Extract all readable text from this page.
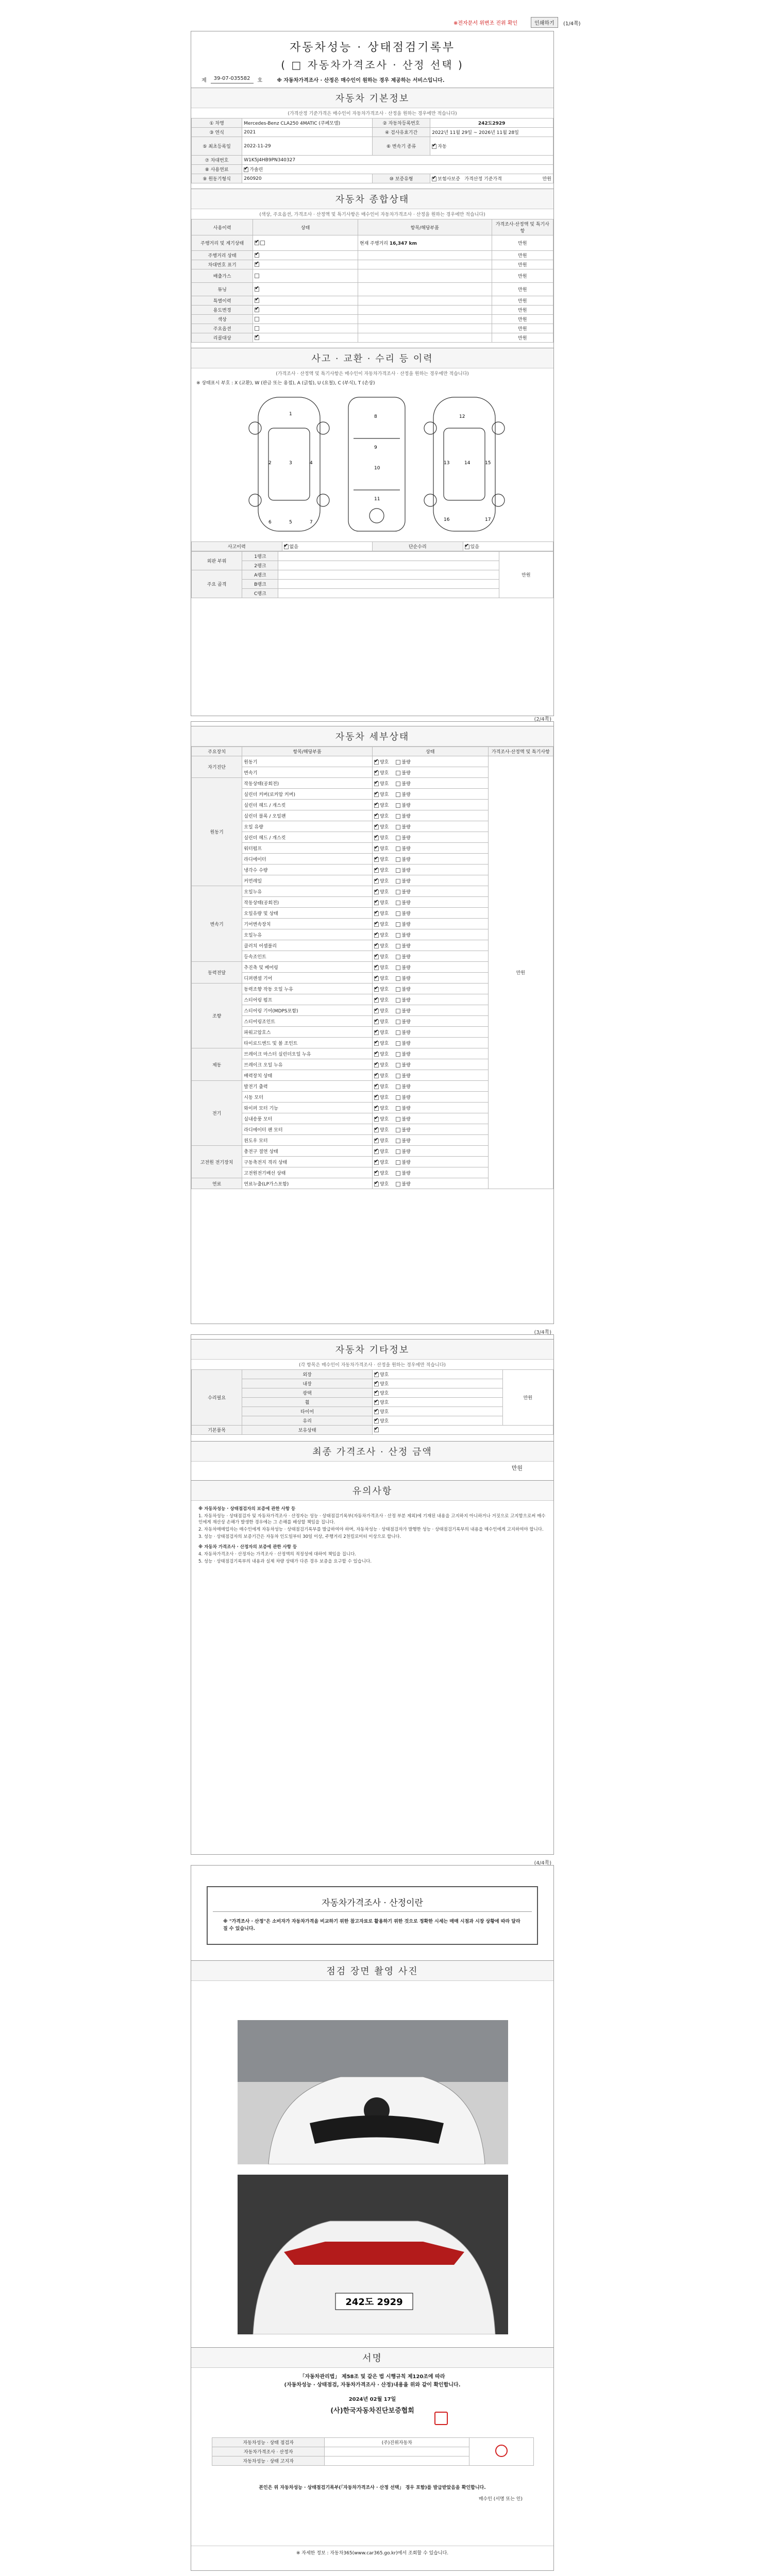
※전자문서 위변조 진위 확인	인쇄하기	(1/4쪽)
자동차성능 · 상태점검기록부
( □ 자동차가격조사 · 산정 선택 )
제	39-07-035582	호	※ 자동차가격조사 · 산정은 매수인이 원하는 경우 제공하는 서비스입니다.
자동차 기본정보
(가격산정 기준가격은 매수인이 자동차가격조사 · 산정을 원하는 경우에만 적습니다)
① 차명	Mercedes-Benz CLA250 4MATIC (쿠페모델)	② 자동차등록번호	242도2929
③ 연식	2021	④ 검사유효기간	2022년 11월 29일 ~ 2026년 11월 28일
⑤ 최초등록일	2022-11-29	⑥ 변속기 종류	✔자동
⑦ 차대번호	W1K5J4HB9PN340327		
⑧ 사용연료	✔가솔린
⑨ 원동기형식	260920	⑩ 보증유형	✔보험사보증 가격산정 기준가격 만원
자동차 종합상태
(색상, 주요옵션, 가격조사 · 산정액 및 특기사항은 매수인이 자동차가격조사 · 산정을 원하는 경우에만 적습니다)
사용이력	상태	항목/해당부품	가격조사·산정액 및 특기사항
주행거리 및 계기상태	✔	현재 주행거리 16,347 km	만원
주행거리 상태	✔		만원
차대번호 표기	✔		만원
배출가스			만원
튜닝	✔		만원
특별이력	✔		만원
용도변경	✔		만원
색상			만원
주요옵션			만원
리콜대상	✔		만원
사고 · 교환 · 수리 등 이력
(가격조사 · 산정액 및 특기사항은 매수인이 자동차가격조사 · 산정을 원하는 경우에만 적습니다)
※ 상태표시 부호 : X (교환), W (판금 또는 용접), A (긁힘), U (요철), C (부식), T (손상)
1
2	3	4
5
6	7
8
9
10
11
12
13	14	15
16	17
사고이력	✔없음	단순수리	✔있음
외판 부위	1랭크		만원
	2랭크		
주요 골격	A랭크		
	B랭크		
	C랭크		
(2/4쪽)
자동차 세부상태
주요장치	항목/해당부품	상태	가격조사·산정액 및 특기사항
자기진단	원동기	✔양호 불량	만원
	변속기	✔양호 불량
원동기	작동상태(공회전)	✔양호 불량
	실린더 커버(로커암 커버)	✔양호 불량
	실린더 헤드 / 개스킷	✔양호 불량
	실린더 블록 / 오일팬	✔양호 불량
	오일 유량	✔양호 불량
	실린더 헤드 / 개스킷	✔양호 불량
	워터펌프	✔양호 불량
	라디에이터	✔양호 불량
	냉각수 수량	✔양호 불량
	커먼레일	✔양호 불량
변속기	오일누유	✔양호 불량
	작동상태(공회전)	✔양호 불량
	오일유량 및 상태	✔양호 불량
	기어변속장치	✔양호 불량
	오일누유	✔양호 불량
	클러치 어셈블리	✔양호 불량
	등속조인트	✔양호 불량
동력전달	추진축 및 베어링	✔양호 불량
	디퍼렌셜 기어	✔양호 불량
조향	동력조향 작동 오일 누유	✔양호 불량
	스티어링 펌프	✔양호 불량
	스티어링 기어(MDPS포함)	✔양호 불량
	스티어링조인트	✔양호 불량
	파워고압호스	✔양호 불량
	타이로드엔드 및 볼 조인트	✔양호 불량
제동	브레이크 마스터 실린더오일 누유	✔양호 불량
	브레이크 오일 누유	✔양호 불량
	배력장치 상태	✔양호 불량
전기	발전기 출력	✔양호 불량
	시동 모터	✔양호 불량
	와이퍼 모터 기능	✔양호 불량
	실내송풍 모터	✔양호 불량
	라디에이터 팬 모터	✔양호 불량
	윈도우 모터	✔양호 불량
고전원 전기장치	충전구 절연 상태	✔양호 불량
	구동축전지 격리 상태	✔양호 불량
	고전원전기배선 상태	✔양호 불량
연료	연료누출(LP가스포함)	✔양호 불량
(3/4쪽)
자동차 기타정보
(각 항목은 매수인이 자동차가격조사 · 산정을 원하는 경우에만 적습니다)
수리필요	외장	✔양호	만원
	내장	✔양호
	광택	✔양호
	휠	✔양호
	타이어	✔양호
	유리	✔양호
기본품목	보유상태	✔
최종 가격조사 · 산정 금액
만원
유의사항

※ 자동차성능 · 상태점검자의 보증에 관한 사항 등

1. 자동차성능 · 상태점검자 및 자동차가격조사 · 산정자는 성능 · 상태점검기록부(자동차가격조사 · 산정 부분 제외)에 기재된 내용을 고지하지 아니하거나 거짓으로 고지함으로써 매수인에게 재산상 손해가 발생한 경우에는 그 손해를 배상할 책임을 집니다.

2. 자동차매매업자는 매수인에게 자동차성능 · 상태점검기록부를 발급하여야 하며, 자동차성능 · 상태점검자가 발행한 성능 · 상태점검기록부의 내용을 매수인에게 고지하여야 합니다.

3. 성능 · 상태점검자의 보증기간은 자동차 인도일부터 30일 이상, 주행거리 2천킬로미터 이상으로 합니다.

※ 자동차 가격조사 · 산정자의 보증에 관한 사항 등

4. 자동차가격조사 · 산정자는 가격조사 · 산정액의 적정성에 대하여 책임을 집니다.

5. 성능 · 상태점검기록부의 내용과 실제 차량 상태가 다른 경우 보증을 요구할 수 있습니다.

(4/4쪽)
자동차가격조사 · 산정이란
※ "가격조사 · 산정"은 소비자가 자동차가격을 비교하기 위한 참고자료로 활용하기 위한 것으로 정확한 시세는 매매 시점과 시장 상황에 따라 달라질 수 있습니다.
점검 장면 촬영 사진
242도 2929
서명
「자동차관리법」 제58조 및 같은 법 시행규칙 제120조에 따라
(자동차성능 · 상태점검, 자동차가격조사 · 산정)내용을 위와 같이 확인합니다.
2024년 02월 17일
(사)한국자동차진단보증협회
자동차성능 · 상태 점검자	(주)진위자동차	
자동차가격조사 · 산정자		
자동차성능 · 상태 고지자		
본인은 위 자동차성능 · 상태점검기록부(「자동차가격조사 · 산정 선택」 경우 포함)를 발급받았음을 확인합니다.
매수인 (서명 또는 인)
※ 자세한 정보 : 자동차365(www.car365.go.kr)에서 조회할 수 있습니다.
